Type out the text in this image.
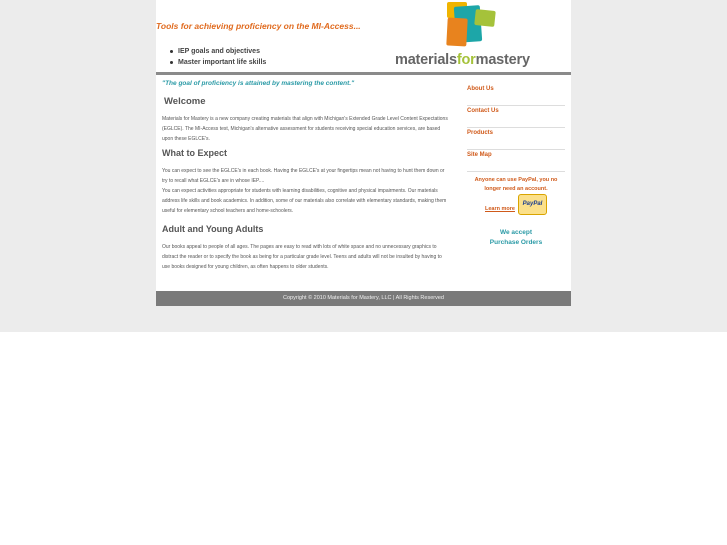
Tools for achieving proficiency on the MI-Access...
IEP goals and objectives
Master important life skills	materialsformastery

"The goal of proficiency is attained by mastering the content."

Welcome

Materials for Mastery is a new company creating materials that align with Michigan's Extended Grade Level Content Expectations (EGLCE). The MI-Access test, Michigan's alternative assessment for students receiving special education services, are based upon these EGLCE's.

What to Expect
You can expect to see the EGLCE's in each book. Having the EGLCE's at your fingertips mean not having to hunt them down or try to recall what EGLCE's are in whose IEP....
You can expect activities appropriate for students with learning disabilities, cognitive and physical impairments. Our materials address life skills and book academics. In addition, some of our materials also correlate with elementary standards, making them useful for elementary school teachers and home-schoolers.
Adult and Young Adults

Our books appeal to people of all ages. The pages are easy to read with lots of white space and no unnecessary graphics to distract the reader or to specify the book as being for a particular grade level. Teens and adults will not be insulted by having to use books designed for young children, as often happens to older students.

About Us
Contact Us
Products
Site Map
Anyone can use PayPal, you no longer need an account.
Learn more
PayPal
We accept
Purchase Orders
Copyright © 2010 Materials for Mastery, LLC | All Rights Reserved
